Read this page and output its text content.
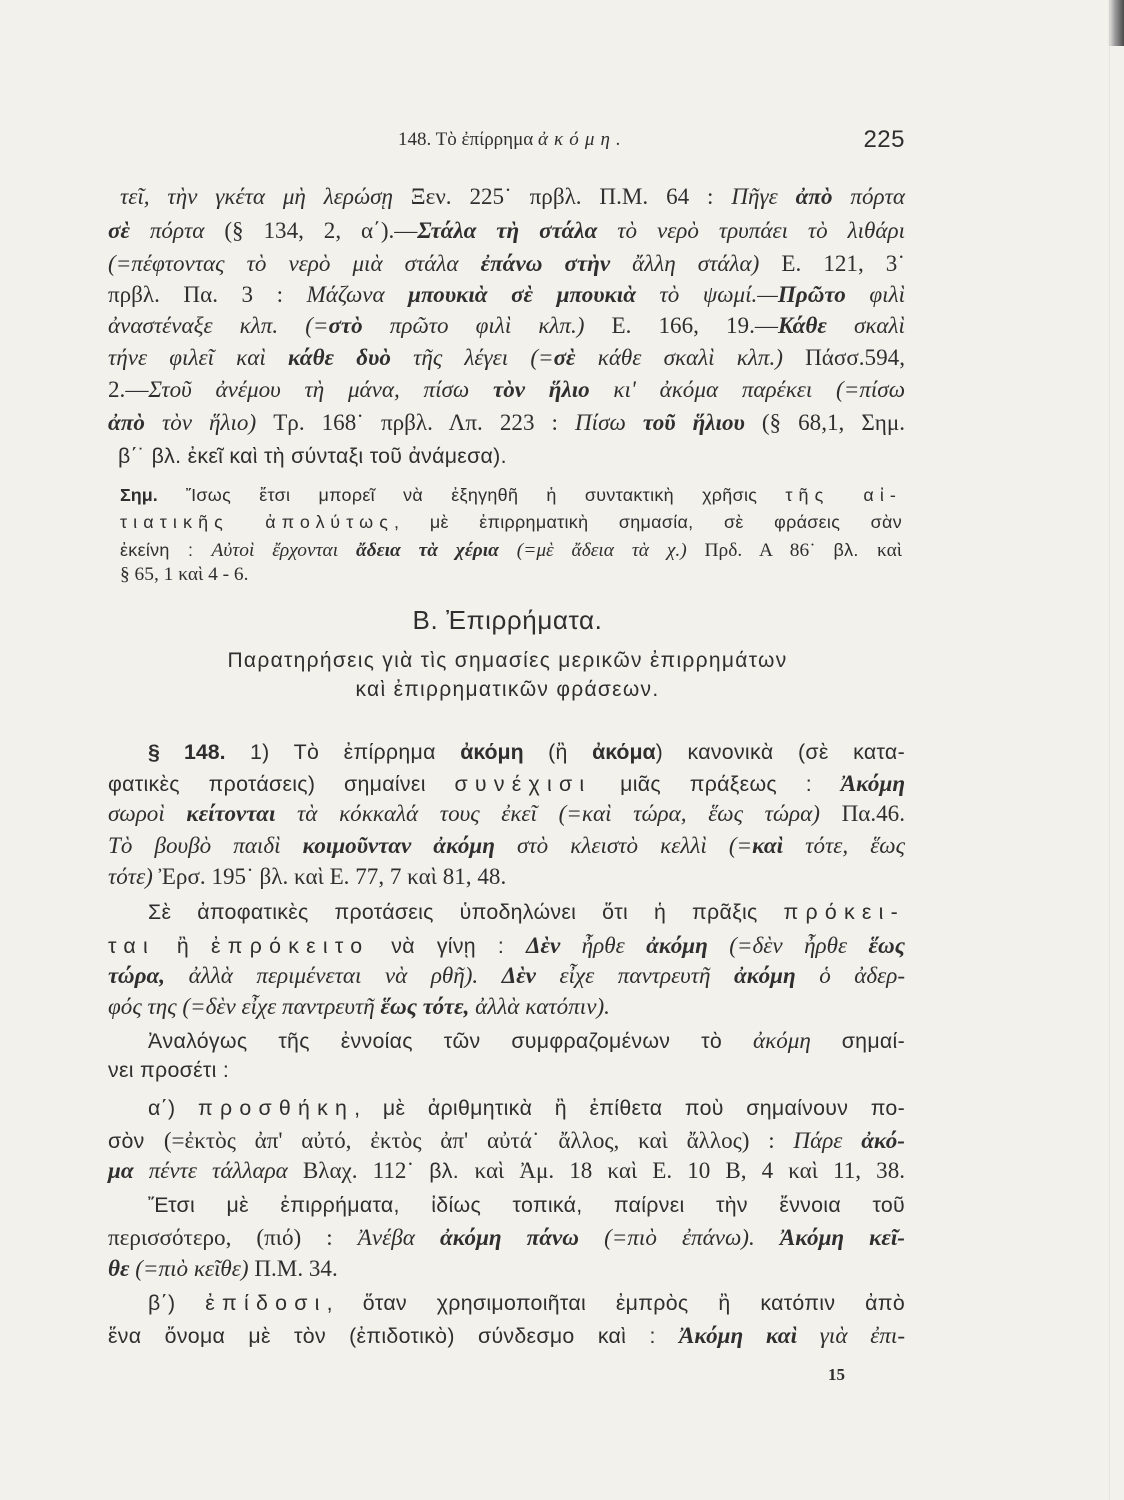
148. Τὸ ἐπίρρημα ἀκόμη.	225
τεῖ, τὴν γκέτα μὴ λερώσῃ Ξεν. 225˙ πρβλ. Π.Μ. 64 : Πῆγε ἀπὸ πόρτα
σὲ πόρτα (§ 134, 2, α΄).—Στάλα τὴ στάλα τὸ νερὸ τρυπάει τὸ λιθάρι
(=πέφτοντας τὸ νερὸ μιὰ στάλα ἐπάνω στὴν ἄλλη στάλα) Ε. 121, 3˙
πρβλ. Πα. 3 : Μάζωνα μπουκιὰ σὲ μπουκιὰ τὸ ψωμί.—Πρῶτο φιλὶ
ἀναστέναξε κλπ. (=στὸ πρῶτο φιλὶ κλπ.) Ε. 166, 19.—Κάθε σκαλὶ
τήνε φιλεῖ καὶ κάθε δυὸ τῆς λέγει (=σὲ κάθε σκαλὶ κλπ.) Πάσσ.594,
2.—Στοῦ ἀνέμου τὴ μάνα, πίσω τὸν ἥλιο κι' ἀκόμα παρέκει (=πίσω
ἀπὸ τὸν ἥλιο) Τρ. 168˙ πρβλ. Λπ. 223 : Πίσω τοῦ ἥλιου (§ 68,1, Σημ.
β΄˙ βλ. ἐκεῖ καὶ τὴ σύνταξι τοῦ ἀνάμεσα).
Σημ. Ἴσως ἔτσι μπορεῖ νὰ ἐξηγηθῆ ἡ συντακτικὴ χρῆσις τῆς αἰ-
τιατικῆς ἀπολύτως, μὲ ἐπιρρηματικὴ σημασία, σὲ φράσεις σὰν
ἐκείνη : Αὐτοὶ ἔρχονται ἄδεια τὰ χέρια (=μὲ ἄδεια τὰ χ.) Πρδ. Α 86˙ βλ. καὶ
§ 65, 1 καὶ 4 - 6.
Β. Ἐπιρρήματα.
Παρατηρήσεις γιὰ τὶς σημασίες μερικῶν ἐπιρρημάτων
καὶ ἐπιρρηματικῶν φράσεων.
§ 148. 1) Τὸ ἐπίρρημα ἀκόμη (ἢ ἀκόμα) κανονικὰ (σὲ κατα-
φατικὲς προτάσεις) σημαίνει συνέχισι μιᾶς πράξεως : Ἀκόμη
σωροὶ κείτονται τὰ κόκκαλά τους ἐκεῖ (=καὶ τώρα, ἕως τώρα) Πα.46.
Τὸ βουβὸ παιδὶ κοιμοῦνταν ἀκόμη στὸ κλειστὸ κελλὶ (=καὶ τότε, ἕως
τότε) Ἐρσ. 195˙ βλ. καὶ Ε. 77, 7 καὶ 81, 48.
Σὲ ἀποφατικὲς προτάσεις ὑποδηλώνει ὅτι ἡ πρᾶξις πρόκει-
ται ἢ ἐπρόκειτο νὰ γίνῃ : Δὲν ἦρθε ἀκόμη (=δὲν ἦρθε ἕως
τώρα, ἀλλὰ περιμένεται νὰ ρθῆ). Δὲν εἶχε παντρευτῆ ἀκόμη ὁ ἀδερ-
φός της (=δὲν εἶχε παντρευτῆ ἕως τότε, ἀλλὰ κατόπιν).
Ἀναλόγως τῆς ἐννοίας τῶν συμφραζομένων τὸ ἀκόμη σημαί-
νει προσέτι :
α΄) προσθήκη, μὲ ἀριθμητικὰ ἢ ἐπίθετα ποὺ σημαίνουν πο-
σὸν (=ἐκτὸς ἀπ' αὐτό, ἐκτὸς ἀπ' αὐτά˙ ἄλλος, καὶ ἄλλος) : Πάρε ἀκό-
μα πέντε τάλλαρα Βλαχ. 112˙ βλ. καὶ Ἀμ. 18 καὶ Ε. 10 Β, 4 καὶ 11, 38.
Ἔτσι μὲ ἐπιρρήματα, ἰδίως τοπικά, παίρνει τὴν ἔννοια τοῦ
περισσότερο, (πιό) : Ἀνέβα ἀκόμη πάνω (=πιὸ ἐπάνω). Ἀκόμη κεῖ-
θε (=πιὸ κεῖθε) Π.Μ. 34.
β΄) ἐπίδοσι, ὅταν χρησιμοποιῆται ἐμπρὸς ἢ κατόπιν ἀπὸ
ἕνα ὄνομα μὲ τὸν (ἐπιδοτικὸ) σύνδεσμο καὶ : Ἀκόμη καὶ γιὰ ἐπι-
15
